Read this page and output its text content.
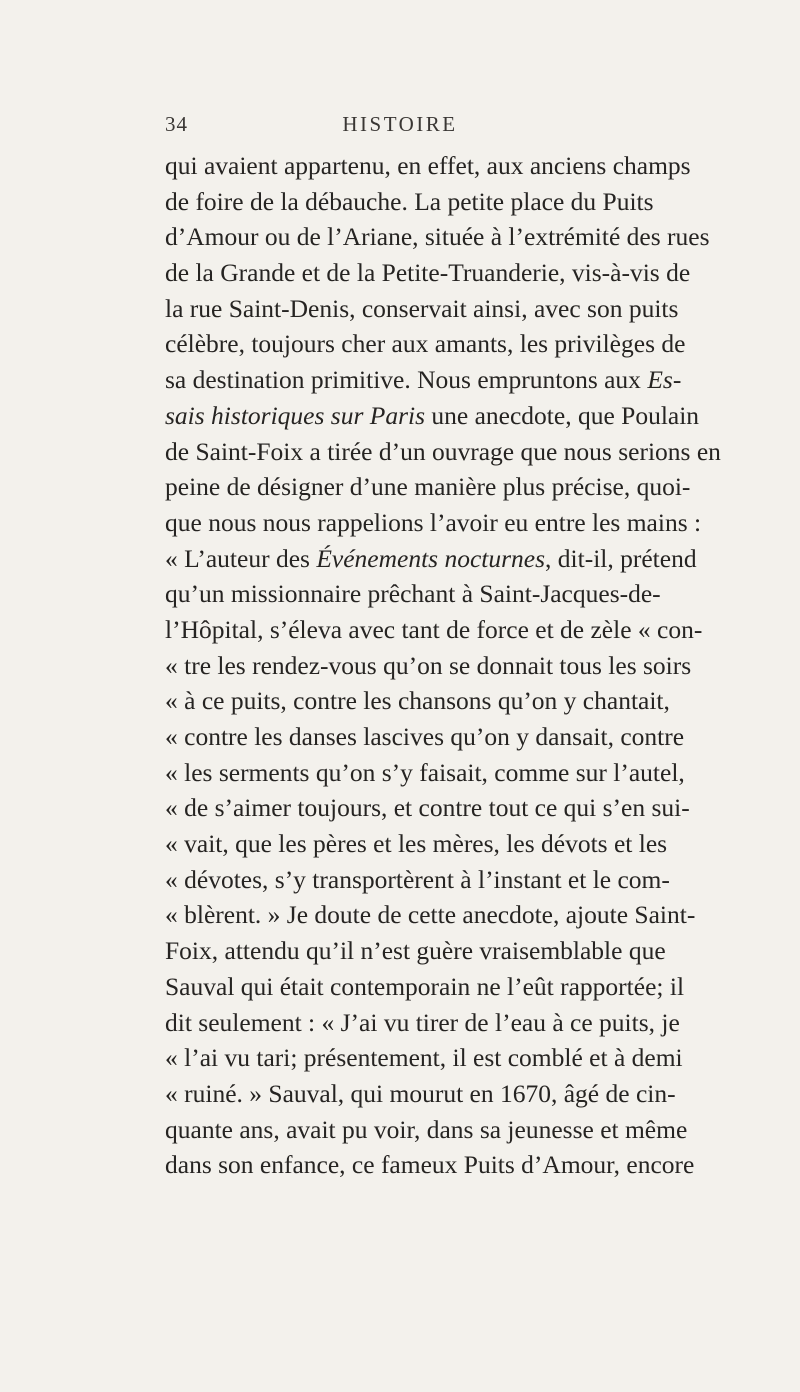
34	HISTOIRE
qui avaient appartenu, en effet, aux anciens champs
de foire de la débauche. La petite place du Puits
d’Amour ou de l’Ariane, située à l’extrémité des rues
de la Grande et de la Petite-Truanderie, vis-à-vis de
la rue Saint-Denis, conservait ainsi, avec son puits
célèbre, toujours cher aux amants, les privilèges de
sa destination primitive. Nous empruntons aux Es-
sais historiques sur Paris une anecdote, que Poulain
de Saint-Foix a tirée d’un ouvrage que nous serions en
peine de désigner d’une manière plus précise, quoi-
que nous nous rappelions l’avoir eu entre les mains :
« L’auteur des Événements nocturnes, dit-il, prétend
qu’un missionnaire prêchant à Saint-Jacques-de-
l’Hôpital, s’éleva avec tant de force et de zèle « con-
« tre les rendez-vous qu’on se donnait tous les soirs
« à ce puits, contre les chansons qu’on y chantait,
« contre les danses lascives qu’on y dansait, contre
« les serments qu’on s’y faisait, comme sur l’autel,
« de s’aimer toujours, et contre tout ce qui s’en sui-
« vait, que les pères et les mères, les dévots et les
« dévotes, s’y transportèrent à l’instant et le com-
« blèrent. » Je doute de cette anecdote, ajoute Saint-
Foix, attendu qu’il n’est guère vraisemblable que
Sauval qui était contemporain ne l’eût rapportée; il
dit seulement : « J’ai vu tirer de l’eau à ce puits, je
« l’ai vu tari; présentement, il est comblé et à demi
« ruiné. » Sauval, qui mourut en 1670, âgé de cin-
quante ans, avait pu voir, dans sa jeunesse et même
dans son enfance, ce fameux Puits d’Amour, encore
